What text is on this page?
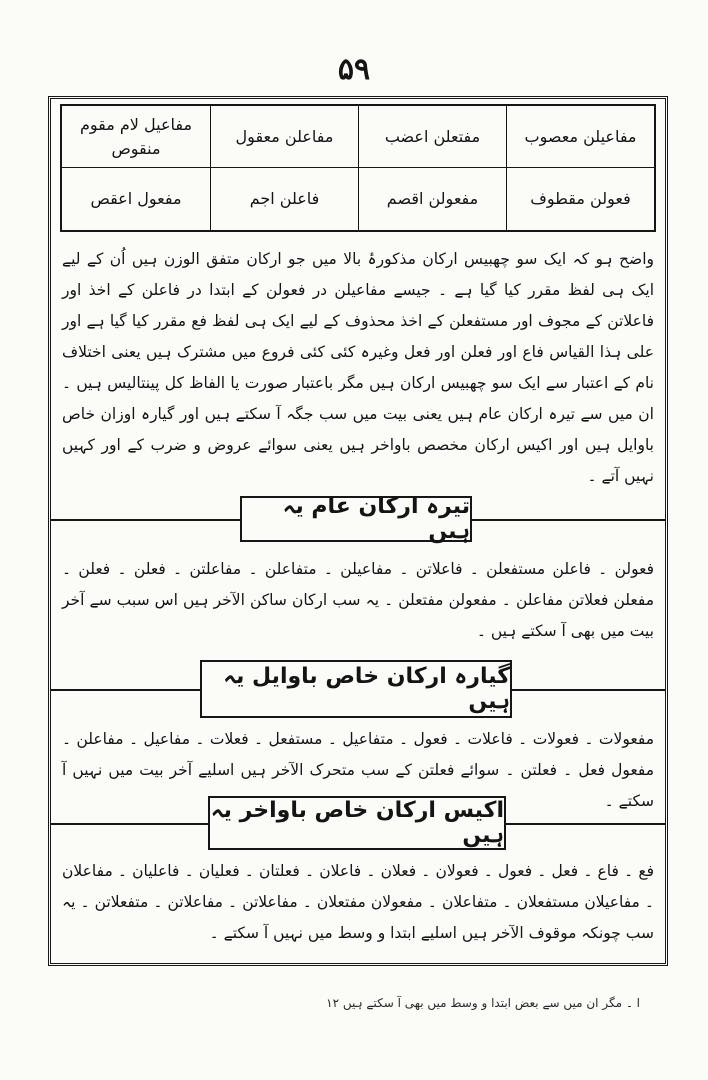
۵۹
مفاعیلن معصوب
مفتعلن اعضب
مفاعلن معقول
مفاعیل لام مقوم منقوص
فعولن مقطوف
مفعولن اقصم
فاعلن اجم
مفعول اعقص
واضح ہو کہ ایک سو چھبیس ارکان مذکورۂ بالا میں جو ارکان متفق الوزن ہیں اُن کے لیے ایک ہی لفظ مقرر کیا گیا ہے ۔ جیسے مفاعیلن در فعولن کے ابتدا در فاعلن کے اخذ اور فاعلاتن کے مجوف اور مستفعلن کے اخذ محذوف کے لیے ایک ہی لفظ فع مقرر کیا گیا ہے اور علی ہذا القیاس فاع اور فعلن اور فعل وغیرہ کئی کئی فروع میں مشترک ہیں یعنی اختلاف نام کے اعتبار سے ایک سو چھبیس ارکان ہیں مگر باعتبار صورت یا الفاظ کل پینتالیس ہیں ۔ ان میں سے تیرہ ارکان عام ہیں یعنی بیت میں سب جگہ آ سکتے ہیں اور گیارہ اوزان خاص باوایل ہیں اور اکیس ارکان مخصص باواخر ہیں یعنی سوائے عروض و ضرب کے اور کہیں نہیں آتے ۔
تیرہ ارکان عام یہ ہیں
فعولن ۔ فاعلن مستفعلن ۔ فاعلاتن ۔ مفاعیلن ۔ متفاعلن ۔ مفاعلتن ۔ فعلن ۔ فعلن ۔ مفعلن فعلاتن مفاعلن ۔ مفعولن مفتعلن ۔ یہ سب ارکان ساکن الآخر ہیں اس سبب سے آخر بیت میں بھی آ سکتے ہیں ۔
گیارہ ارکان خاص باوایل یہ ہیں
مفعولات ۔ فعولات ۔ فاعلات ۔ فعول ۔ متفاعیل ۔ مستفعل ۔ فعلات ۔ مفاعیل ۔ مفاعلن ۔ مفعول فعل ۔ فعلتن ۔ سوائے فعلتن کے سب متحرک الآخر ہیں اسلیے آخر بیت میں نہیں آ سکتے ۔
اکیس ارکان خاص باواخر یہ ہیں
فع ۔ فاع ۔ فعل ۔ فعول ۔ فعولان ۔ فعلان ۔ فاعلان ۔ فعلتان ۔ فعلیان ۔ فاعلیان ۔ مفاعلان ۔ مفاعیلان مستفعلان ۔ متفاعلان ۔ مفعولان مفتعلان ۔ مفاعلاتن ۔ مفاعلاتن ۔ متفعلاتن ۔ یہ سب چونکہ موقوف الآخر ہیں اسلیے ابتدا و وسط میں نہیں آ سکتے ۔
ا ۔ مگر ان میں سے بعض ابتدا و وسط میں بھی آ سکتے ہیں ۱۲
